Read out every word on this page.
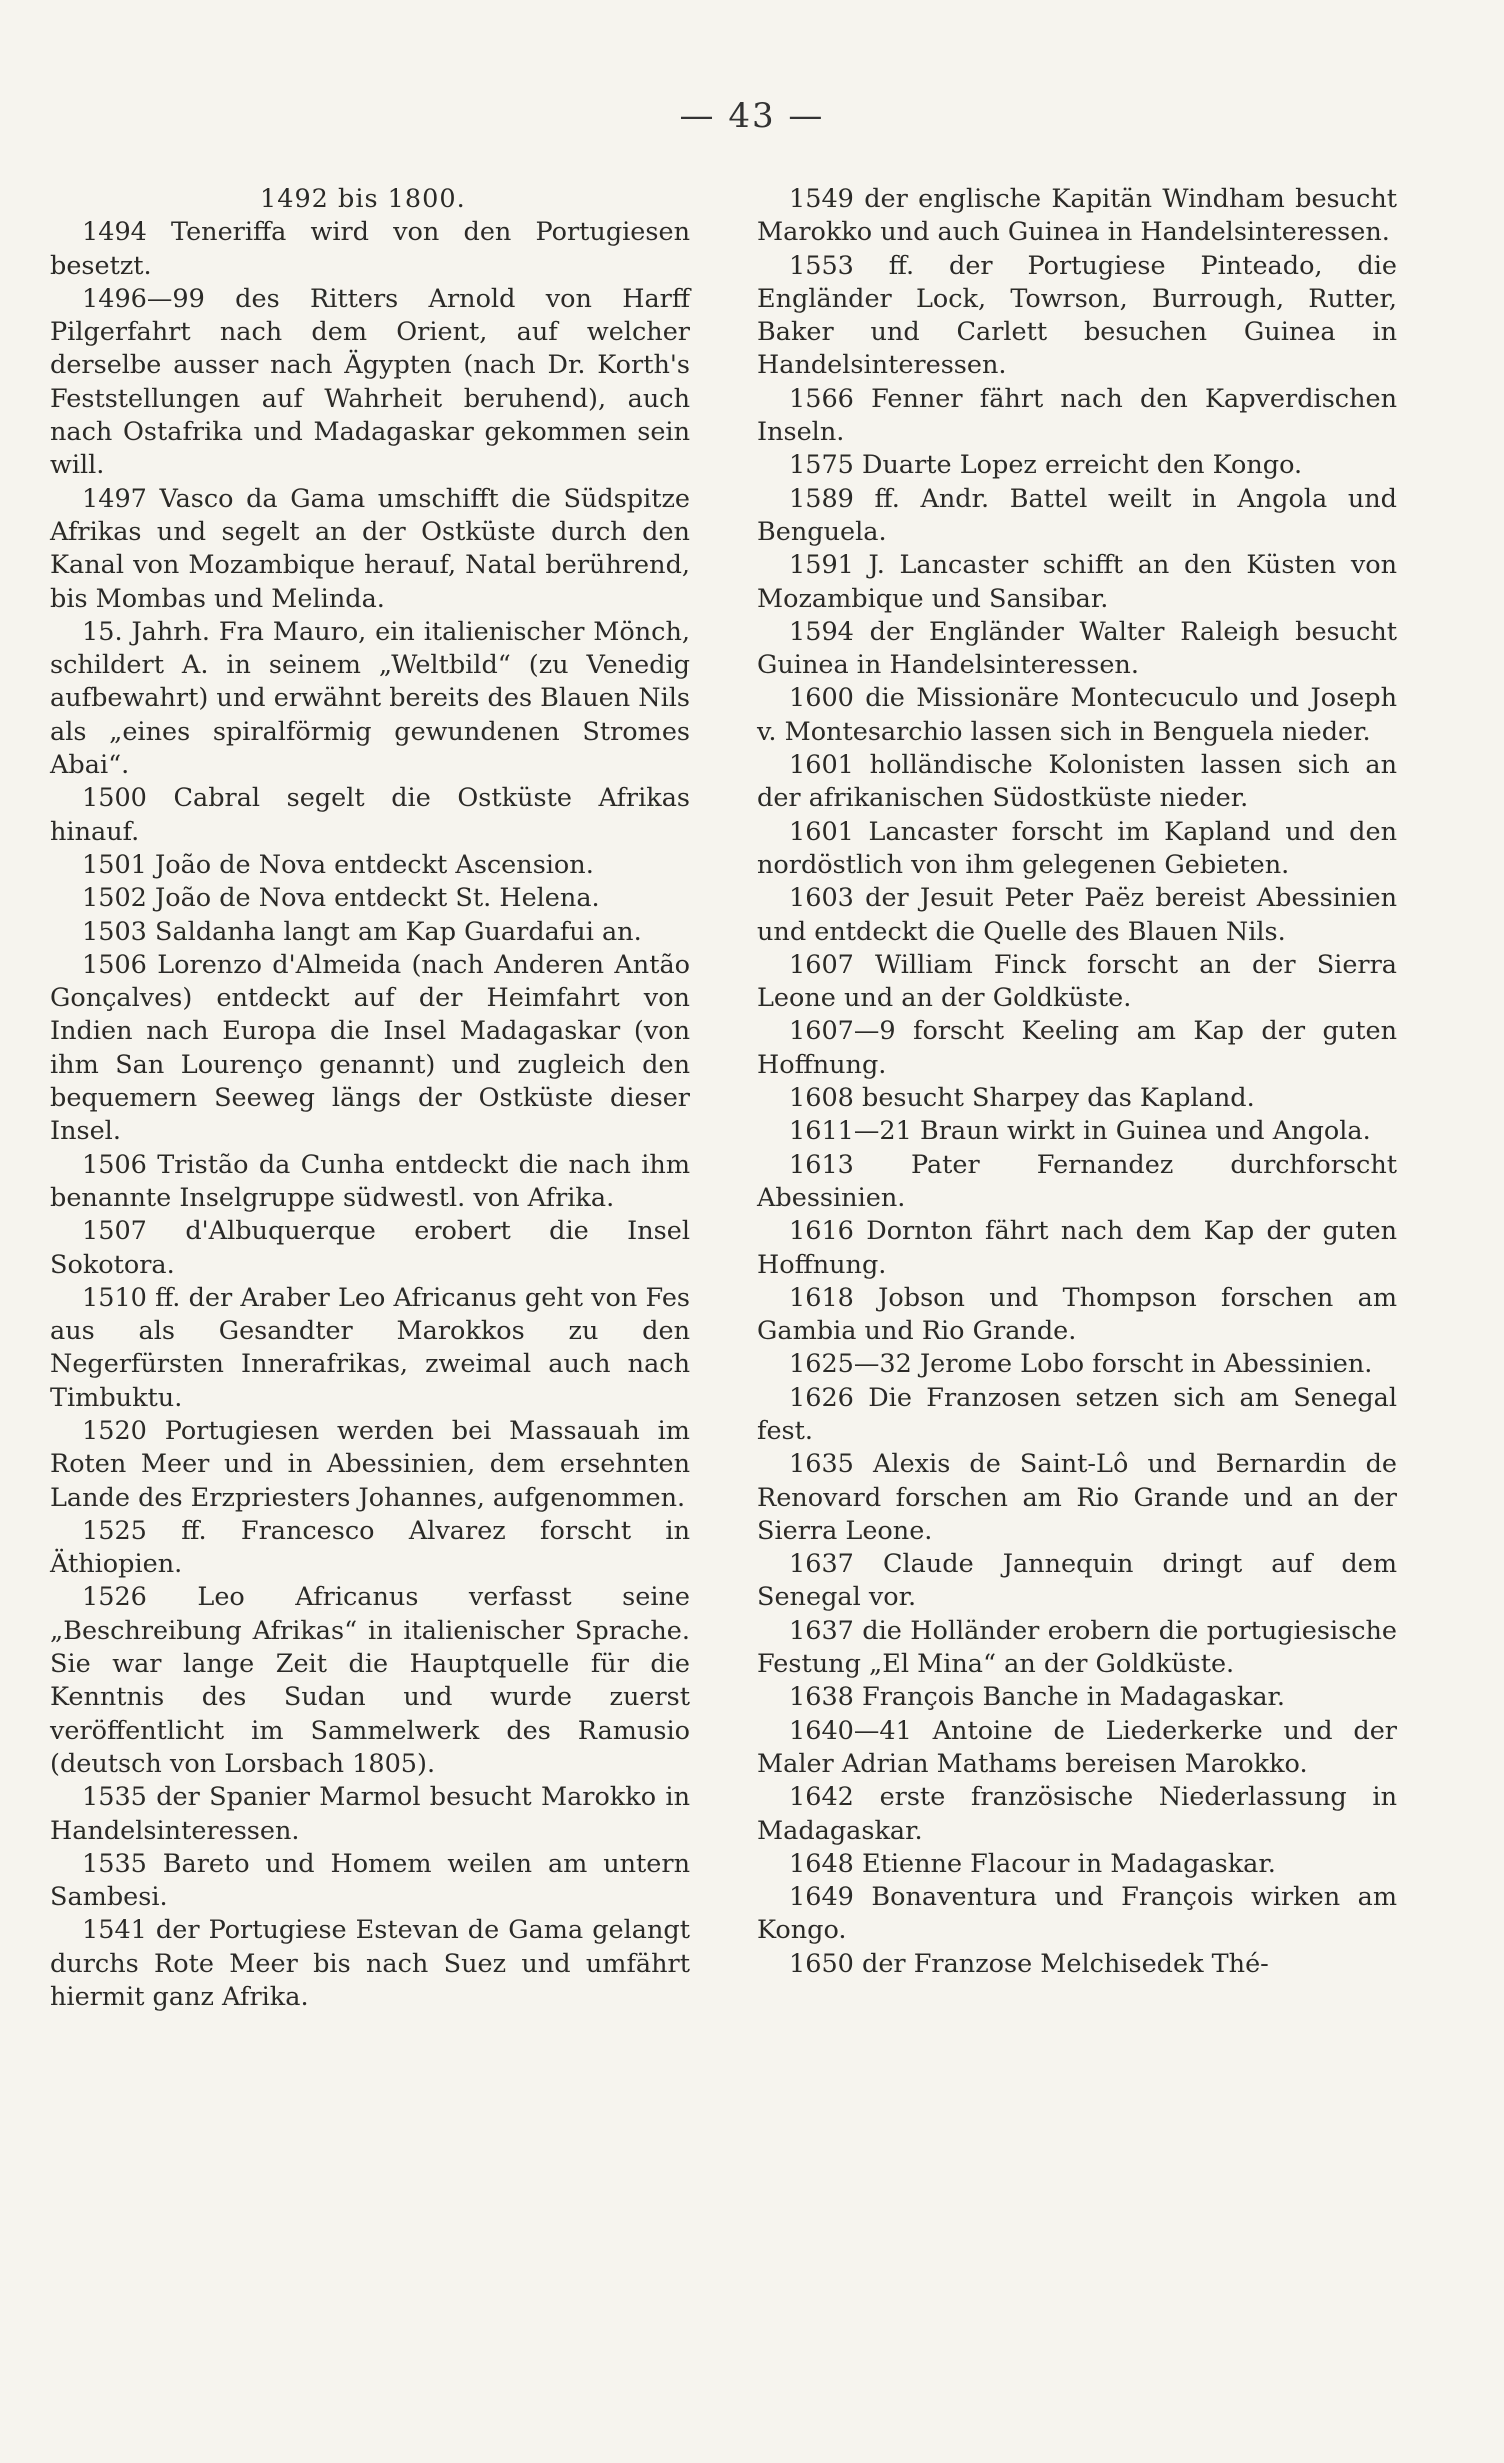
— 43 —

1492 bis 1800.

1494 Teneriffa wird von den Portugiesen besetzt.

1496—99 des Ritters Arnold von Harff Pilgerfahrt nach dem Orient, auf welcher derselbe ausser nach Ägypten (nach Dr. Korth's Feststellungen auf Wahrheit beruhend), auch nach Ostafrika und Madagaskar gekommen sein will.

1497 Vasco da Gama umschifft die Südspitze Afrikas und segelt an der Ostküste durch den Kanal von Mozambique herauf, Natal berührend, bis Mombas und Melinda.

15. Jahrh. Fra Mauro, ein italienischer Mönch, schildert A. in seinem „Weltbild“ (zu Venedig aufbewahrt) und erwähnt bereits des Blauen Nils als „eines spiralförmig gewundenen Stromes Abai“.

1500 Cabral segelt die Ostküste Afrikas hinauf.

1501 João de Nova entdeckt Ascension.

1502 João de Nova entdeckt St. Helena.

1503 Saldanha langt am Kap Guardafui an.

1506 Lorenzo d'Almeida (nach Anderen Antão Gonçalves) entdeckt auf der Heimfahrt von Indien nach Europa die Insel Madagaskar (von ihm San Lourenço genannt) und zugleich den bequemern Seeweg längs der Ostküste dieser Insel.

1506 Tristão da Cunha entdeckt die nach ihm benannte Inselgruppe südwestl. von Afrika.

1507 d'Albuquerque erobert die Insel Sokotora.

1510 ff. der Araber Leo Africanus geht von Fes aus als Gesandter Marokkos zu den Negerfürsten Innerafrikas, zweimal auch nach Timbuktu.

1520 Portugiesen werden bei Massauah im Roten Meer und in Abessinien, dem ersehnten Lande des Erzpriesters Johannes, aufgenommen.

1525 ff. Francesco Alvarez forscht in Äthiopien.

1526 Leo Africanus verfasst seine „Beschreibung Afrikas“ in italienischer Sprache. Sie war lange Zeit die Hauptquelle für die Kenntnis des Sudan und wurde zuerst veröffentlicht im Sammelwerk des Ramusio (deutsch von Lorsbach 1805).

1535 der Spanier Marmol besucht Marokko in Handelsinteressen.

1535 Bareto und Homem weilen am untern Sambesi.

1541 der Portugiese Estevan de Gama gelangt durchs Rote Meer bis nach Suez und umfährt hiermit ganz Afrika.

1549 der englische Kapitän Windham besucht Marokko und auch Guinea in Handelsinteressen.

1553 ff. der Portugiese Pinteado, die Engländer Lock, Towrson, Burrough, Rutter, Baker und Carlett besuchen Guinea in Handelsinteressen.

1566 Fenner fährt nach den Kapverdischen Inseln.

1575 Duarte Lopez erreicht den Kongo.

1589 ff. Andr. Battel weilt in Angola und Benguela.

1591 J. Lancaster schifft an den Küsten von Mozambique und Sansibar.

1594 der Engländer Walter Raleigh besucht Guinea in Handelsinteressen.

1600 die Missionäre Montecuculo und Joseph v. Montesarchio lassen sich in Benguela nieder.

1601 holländische Kolonisten lassen sich an der afrikanischen Südostküste nieder.

1601 Lancaster forscht im Kapland und den nordöstlich von ihm gelegenen Gebieten.

1603 der Jesuit Peter Paëz bereist Abessinien und entdeckt die Quelle des Blauen Nils.

1607 William Finck forscht an der Sierra Leone und an der Goldküste.

1607—9 forscht Keeling am Kap der guten Hoffnung.

1608 besucht Sharpey das Kapland.

1611—21 Braun wirkt in Guinea und Angola.

1613 Pater Fernandez durchforscht Abessinien.

1616 Dornton fährt nach dem Kap der guten Hoffnung.

1618 Jobson und Thompson forschen am Gambia und Rio Grande.

1625—32 Jerome Lobo forscht in Abessinien.

1626 Die Franzosen setzen sich am Senegal fest.

1635 Alexis de Saint-Lô und Bernardin de Renovard forschen am Rio Grande und an der Sierra Leone.

1637 Claude Jannequin dringt auf dem Senegal vor.

1637 die Holländer erobern die portugiesische Festung „El Mina“ an der Goldküste.

1638 François Banche in Madagaskar.

1640—41 Antoine de Liederkerke und der Maler Adrian Mathams bereisen Marokko.

1642 erste französische Niederlassung in Madagaskar.

1648 Etienne Flacour in Madagaskar.

1649 Bonaventura und François wirken am Kongo.

1650 der Franzose Melchisedek Thé-
